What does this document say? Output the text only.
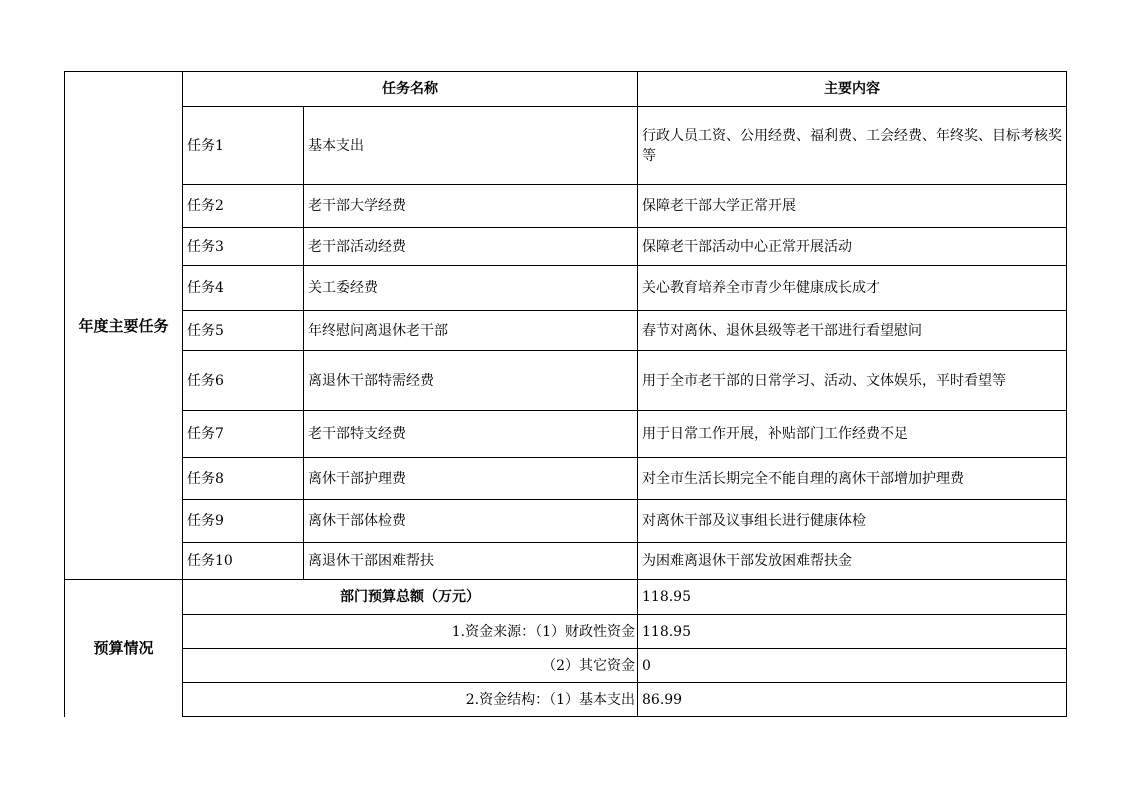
年度主要任务	任务名称		主要内容
	任务1	基本支出	行政人员工资、公用经费、福利费、工会经费、年终奖、目标考核奖等
	任务2	老干部大学经费	保障老干部大学正常开展
	任务3	老干部活动经费	保障老干部活动中心正常开展活动
	任务4	关工委经费	关心教育培养全市青少年健康成长成才
	任务5	年终慰问离退休老干部	春节对离休、退休县级等老干部进行看望慰问
	任务6	离退休干部特需经费	用于全市老干部的日常学习、活动、文体娱乐，平时看望等
	任务7	老干部特支经费	用于日常工作开展，补贴部门工作经费不足
	任务8	离休干部护理费	对全市生活长期完全不能自理的离休干部增加护理费
	任务9	离休干部体检费	对离休干部及议事组长进行健康体检
	任务10	离退休干部困难帮扶	为困难离退休干部发放困难帮扶金
预算情况	部门预算总额（万元）		118.95
	1.资金来源：（1）财政性资金		118.95
	（2）其它资金		0
	2.资金结构：（1）基本支出		86.99
